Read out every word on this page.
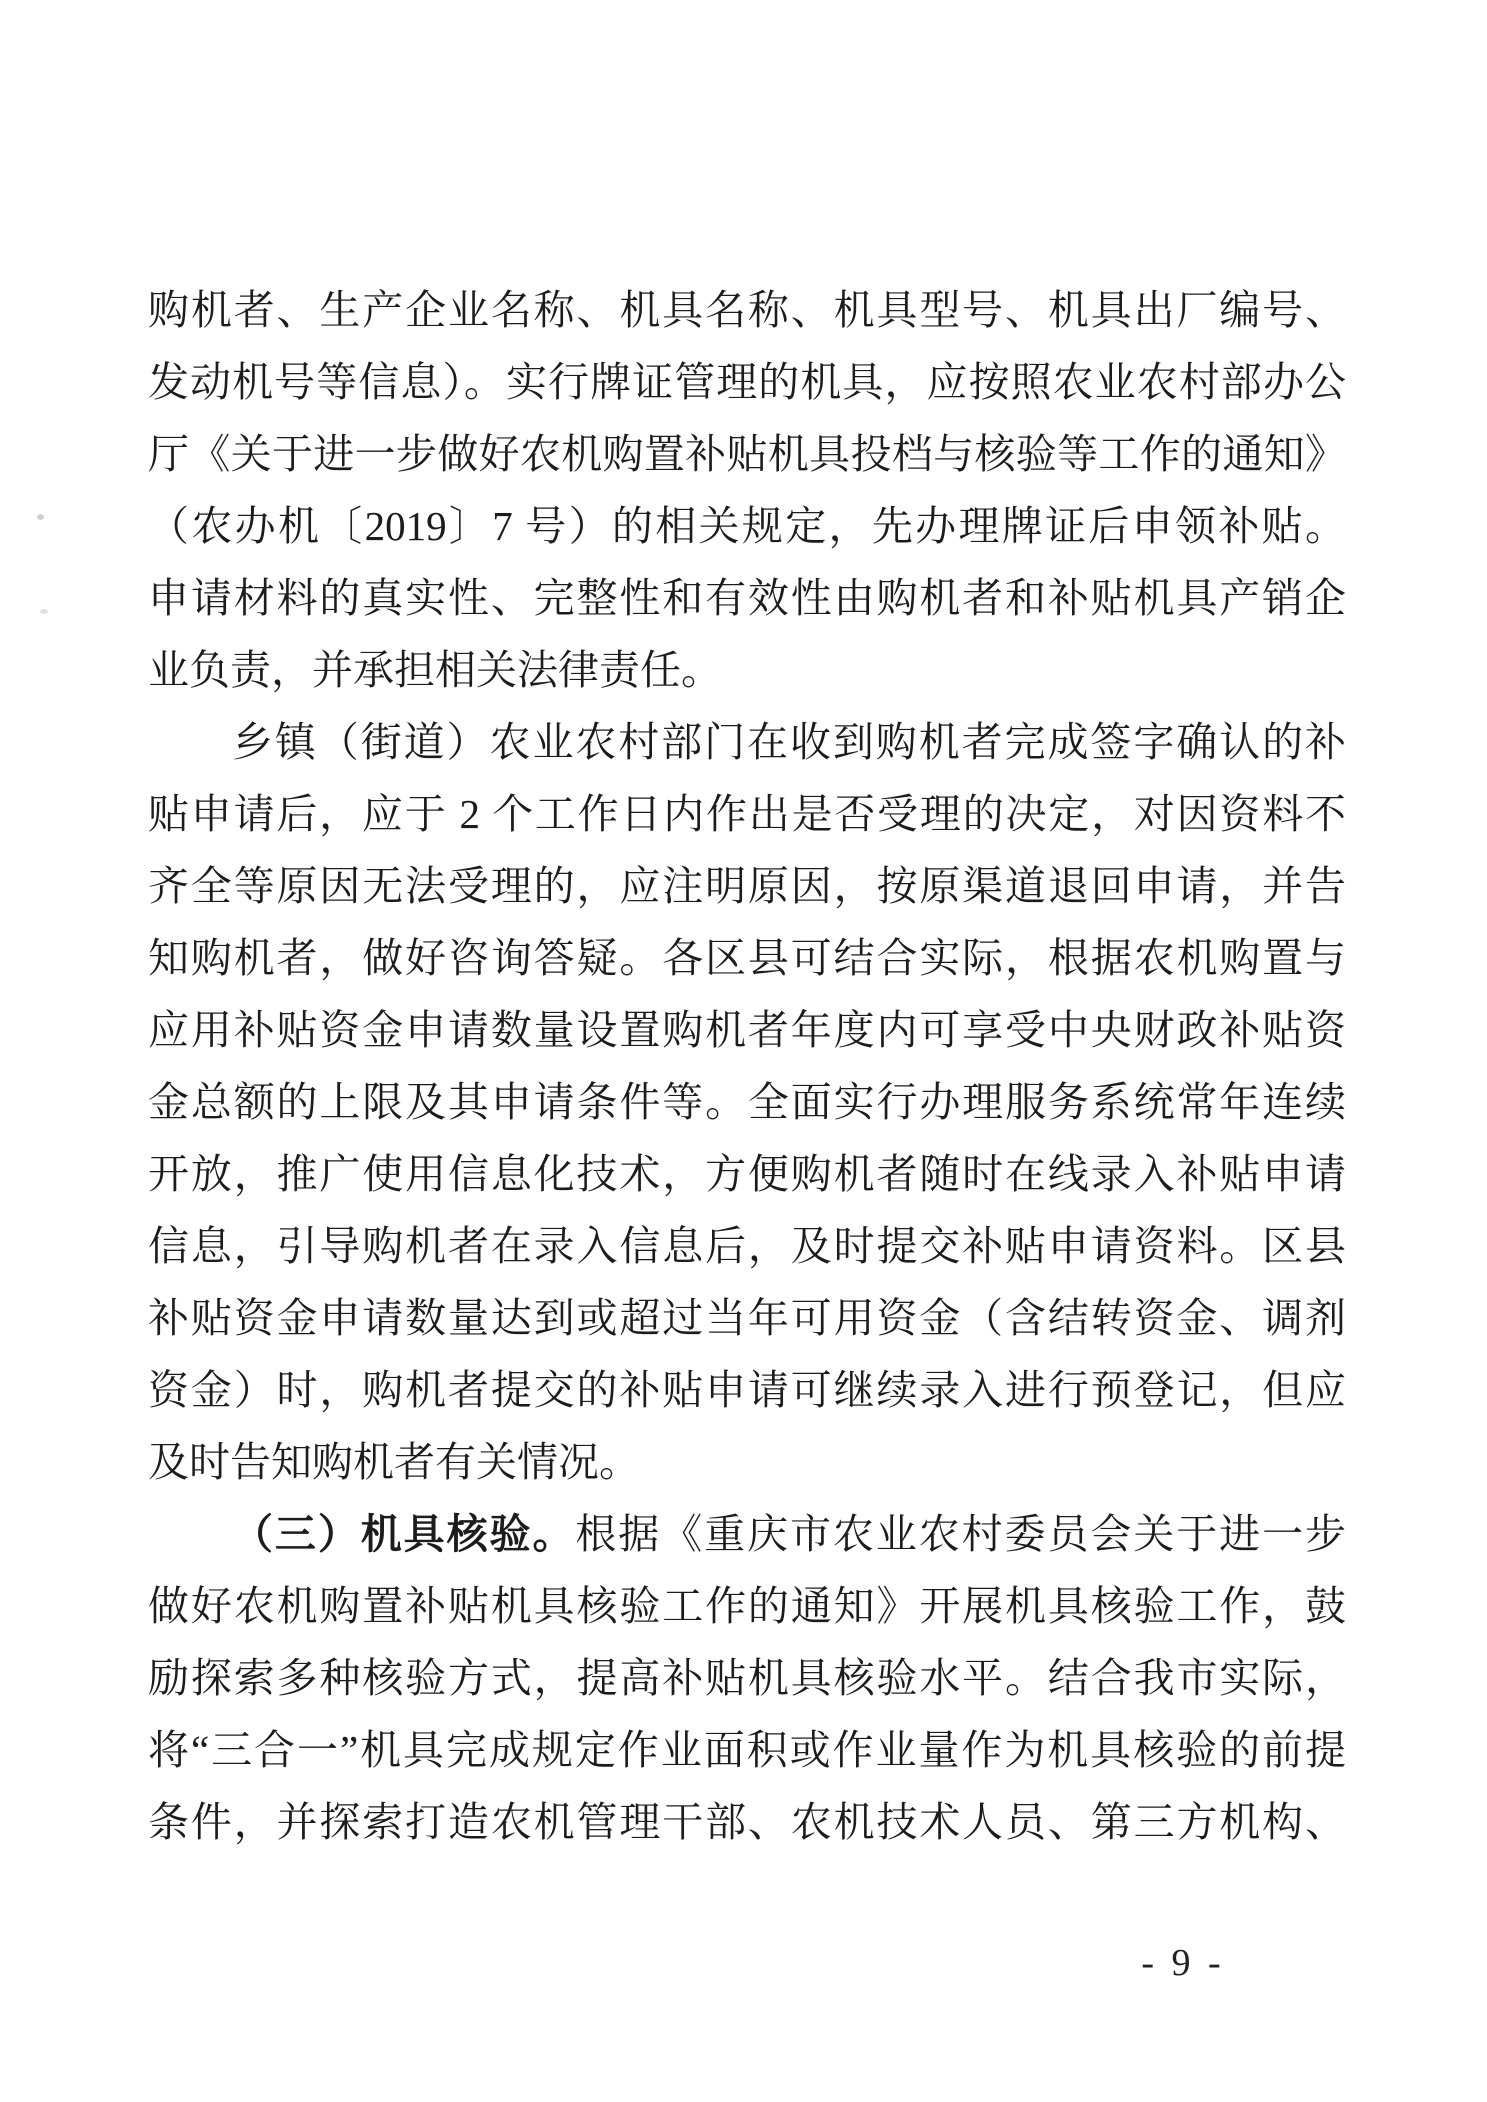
购机者、生产企业名称、机具名称、机具型号、机具出厂编号、
发动机号等信息）。实行牌证管理的机具，应按照农业农村部办公
厅《关于进一步做好农机购置补贴机具投档与核验等工作的通知》
（农办机〔2019〕7 号）的相关规定，先办理牌证后申领补贴。
申请材料的真实性、完整性和有效性由购机者和补贴机具产销企
业负责，并承担相关法律责任。
乡镇（街道）农业农村部门在收到购机者完成签字确认的补
贴申请后，应于 2 个工作日内作出是否受理的决定，对因资料不
齐全等原因无法受理的，应注明原因，按原渠道退回申请，并告
知购机者，做好咨询答疑。各区县可结合实际，根据农机购置与
应用补贴资金申请数量设置购机者年度内可享受中央财政补贴资
金总额的上限及其申请条件等。全面实行办理服务系统常年连续
开放，推广使用信息化技术，方便购机者随时在线录入补贴申请
信息，引导购机者在录入信息后，及时提交补贴申请资料。区县
补贴资金申请数量达到或超过当年可用资金（含结转资金、调剂
资金）时，购机者提交的补贴申请可继续录入进行预登记，但应
及时告知购机者有关情况。
（三）机具核验。根据《重庆市农业农村委员会关于进一步
做好农机购置补贴机具核验工作的通知》开展机具核验工作，鼓
励探索多种核验方式，提高补贴机具核验水平。结合我市实际，
将“三合一”机具完成规定作业面积或作业量作为机具核验的前提
条件，并探索打造农机管理干部、农机技术人员、第三方机构、
- 9 -
